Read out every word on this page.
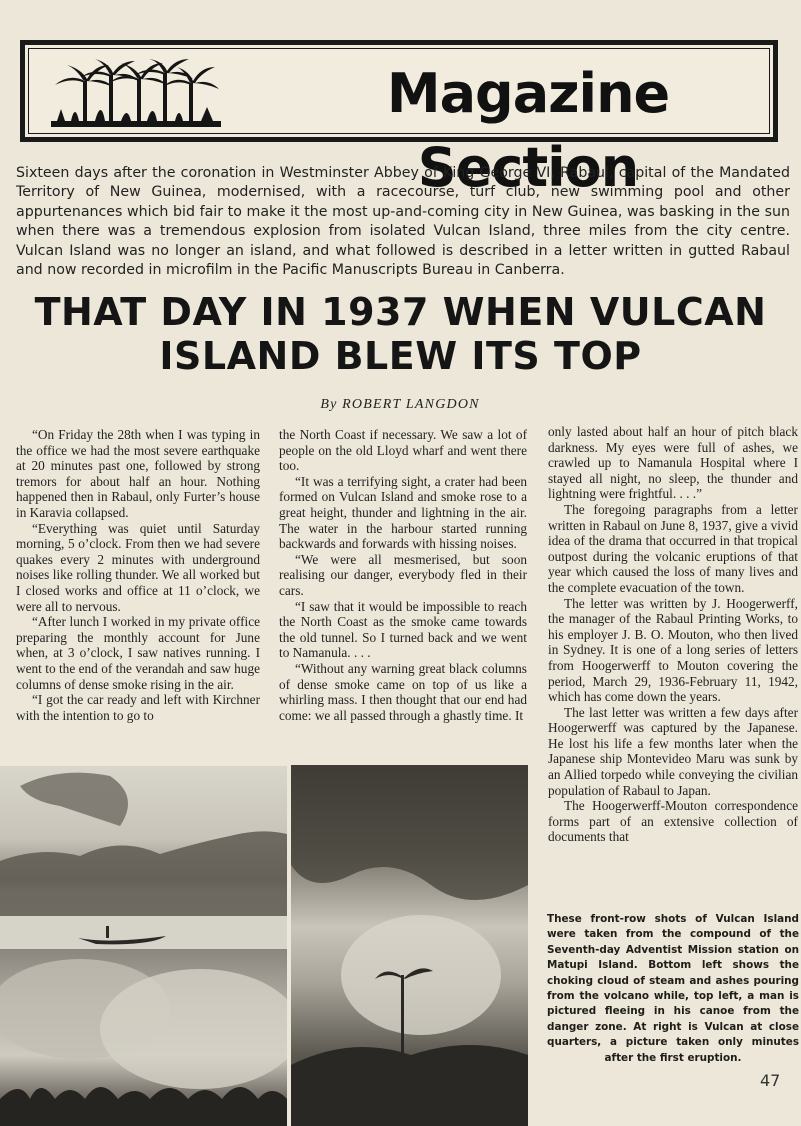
Magazine Section
Sixteen days after the coronation in Westminster Abbey of King George VI, Rabaul, capital of the Mandated Territory of New Guinea, modernised, with a racecourse, turf club, new swimming pool and other appurtenances which bid fair to make it the most up-and-coming city in New Guinea, was basking in the sun when there was a tremendous explosion from isolated Vulcan Island, three miles from the city centre. Vulcan Island was no longer an island, and what followed is described in a letter written in gutted Rabaul and now recorded in microfilm in the Pacific Manuscripts Bureau in Canberra.
THAT DAY IN 1937 WHEN VULCAN
ISLAND BLEW ITS TOP
By ROBERT LANGDON

“On Friday the 28th when I was typing in the office we had the most severe earthquake at 20 minutes past one, followed by strong tremors for about half an hour. Nothing happened then in Rabaul, only Furter’s house in Karavia collapsed.

“Everything was quiet until Saturday morning, 5 o’clock. From then we had severe quakes every 2 minutes with underground noises like rolling thunder. We all worked but I closed works and office at 11 o’clock, we were all to nervous.

“After lunch I worked in my private office preparing the monthly account for June when, at 3 o’clock, I saw natives running. I went to the end of the verandah and saw huge columns of dense smoke rising in the air.

“I got the car ready and left with Kirchner with the intention to go to

the North Coast if necessary. We saw a lot of people on the old Lloyd wharf and went there too.

“It was a terrifying sight, a crater had been formed on Vulcan Island and smoke rose to a great height, thunder and lightning in the air. The water in the harbour started running backwards and forwards with hissing noises.

“We were all mesmerised, but soon realising our danger, everybody fled in their cars.

“I saw that it would be impossible to reach the North Coast as the smoke came towards the old tunnel. So I turned back and we went to Namanula. . . .

“Without any warning great black columns of dense smoke came on top of us like a whirling mass. I then thought that our end had come: we all passed through a ghastly time. It

only lasted about half an hour of pitch black darkness. My eyes were full of ashes, we crawled up to Namanula Hospital where I stayed all night, no sleep, the thunder and lightning were frightful. . . .”

The foregoing paragraphs from a letter written in Rabaul on June 8, 1937, give a vivid idea of the drama that occurred in that tropical outpost during the volcanic eruptions of that year which caused the loss of many lives and the complete evacuation of the town.

The letter was written by J. Hoogerwerff, the manager of the Rabaul Printing Works, to his employer J. B. O. Mouton, who then lived in Sydney. It is one of a long series of letters from Hoogerwerff to Mouton covering the period, March 29, 1936-February 11, 1942, which has come down the years.

The last letter was written a few days after Hoogerwerff was captured by the Japanese. He lost his life a few months later when the Japanese ship Montevideo Maru was sunk by an Allied torpedo while conveying the civilian population of Rabaul to Japan.

The Hoogerwerff-Mouton correspondence forms part of an extensive collection of documents that

These front-row shots of Vulcan Island were taken from the compound of the Seventh-day Adventist Mission station on Matupi Island. Bottom left shows the choking cloud of steam and ashes pouring from the volcano while, top left, a man is pictured fleeing in his canoe from the danger zone. At right is Vulcan at close quarters, a picture taken only minutes after the first eruption.
47
